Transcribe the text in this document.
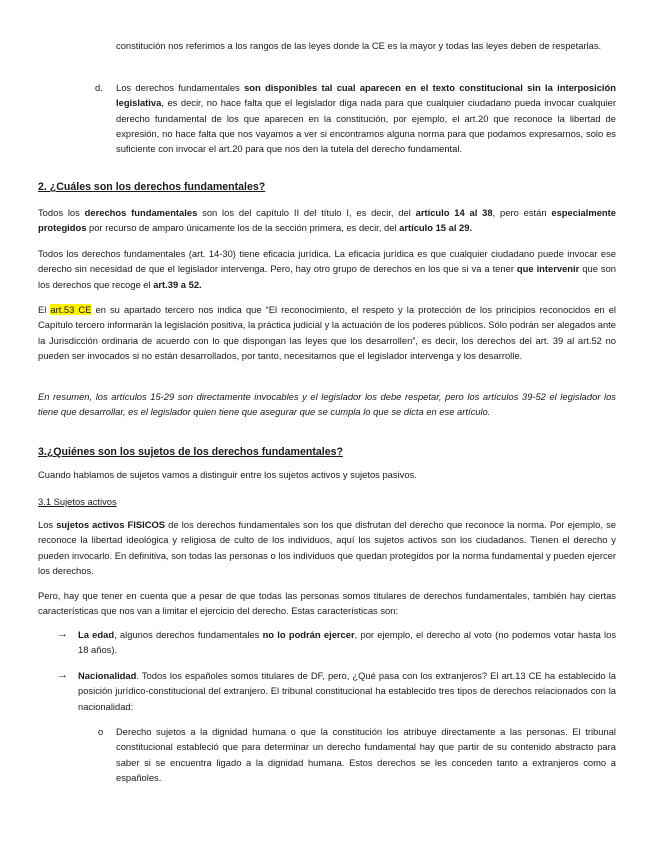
constitución nos referimos a los rangos de las leyes donde la CE es la mayor y todas las leyes deben de respetarlas.

d. Los derechos fundamentales son disponibles tal cual aparecen en el texto constitucional sin la interposición legislativa, es decir, no hace falta que el legislador diga nada para que cualquier ciudadano pueda invocar cualquier derecho fundamental de los que aparecen en la constitución, por ejemplo, el art.20 que reconoce la libertad de expresión, no hace falta que nos vayamos a ver si encontramos alguna norma para que podamos expresarnos, solo es suficiente con invocar el art.20 para que nos den la tutela del derecho fundamental.

2. ¿Cuáles son los derechos fundamentales?

Todos los derechos fundamentales son los del capítulo II del título I, es decir, del artículo 14 al 38, pero están especialmente protegidos por recurso de amparo únicamente los de la sección primera, es decir, del artículo 15 al 29.

Todos los derechos fundamentales (art. 14-30) tiene eficacia jurídica. La eficacia jurídica es que cualquier ciudadano puede invocar ese derecho sin necesidad de que el legislador intervenga. Pero, hay otro grupo de derechos en los que si va a tener que intervenir que son los derechos que recoge el art.39 a 52.

El art.53 CE en su apartado tercero nos indica que “El reconocimiento, el respeto y la protección de los principios reconocidos en el Capítulo tercero informarán la legislación positiva, la práctica judicial y la actuación de los poderes públicos. Sólo podrán ser alegados ante la Jurisdicción ordinaria de acuerdo con lo que dispongan las leyes que los desarrollen”, es decir, los derechos del art. 39 al art.52 no pueden ser invocados si no están desarrollados, por tanto, necesitamos que el legislador intervenga y los desarrolle.

En resumen, los artículos 15-29 son directamente invocables y el legislador los debe respetar, pero los artículos 39-52 el legislador los tiene que desarrollar, es el legislador quien tiene que asegurar que se cumpla lo que se dicta en ese artículo.

3.¿Quiénes son los sujetos de los derechos fundamentales?

Cuando hablamos de sujetos vamos a distinguir entre los sujetos activos y sujetos pasivos.

3.1 Sujetos activos

Los sujetos activos FISICOS de los derechos fundamentales son los que disfrutan del derecho que reconoce la norma. Por ejemplo, se reconoce la libertad ideológica y religiosa de culto de los individuos, aquí los sujetos activos son los ciudadanos. Tienen el derecho y pueden invocarlo. En definitiva, son todas las personas o los individuos que quedan protegidos por la norma fundamental y pueden ejercer los derechos.

Pero, hay que tener en cuenta que a pesar de que todas las personas somos titulares de derechos fundamentales, también hay ciertas características que nos van a limitar el ejercicio del derecho. Estas características son:

→ La edad, algunos derechos fundamentales no lo podrán ejercer, por ejemplo, el derecho al voto (no podemos votar hasta los 18 años).

→ Nacionalidad. Todos los españoles somos titulares de DF, pero, ¿Qué pasa con los extranjeros? El art.13 CE ha establecido la posición jurídico-constitucional del extranjero. El tribunal constitucional ha establecido tres tipos de derechos relacionados con la nacionalidad:

o Derecho sujetos a la dignidad humana o que la constitución los atribuye directamente a las personas. El tribunal constitucional estableció que para determinar un derecho fundamental hay que partir de su contenido abstracto para saber si se encuentra ligado a la dignidad humana. Estos derechos se les conceden tanto a extranjeros como a españoles.
